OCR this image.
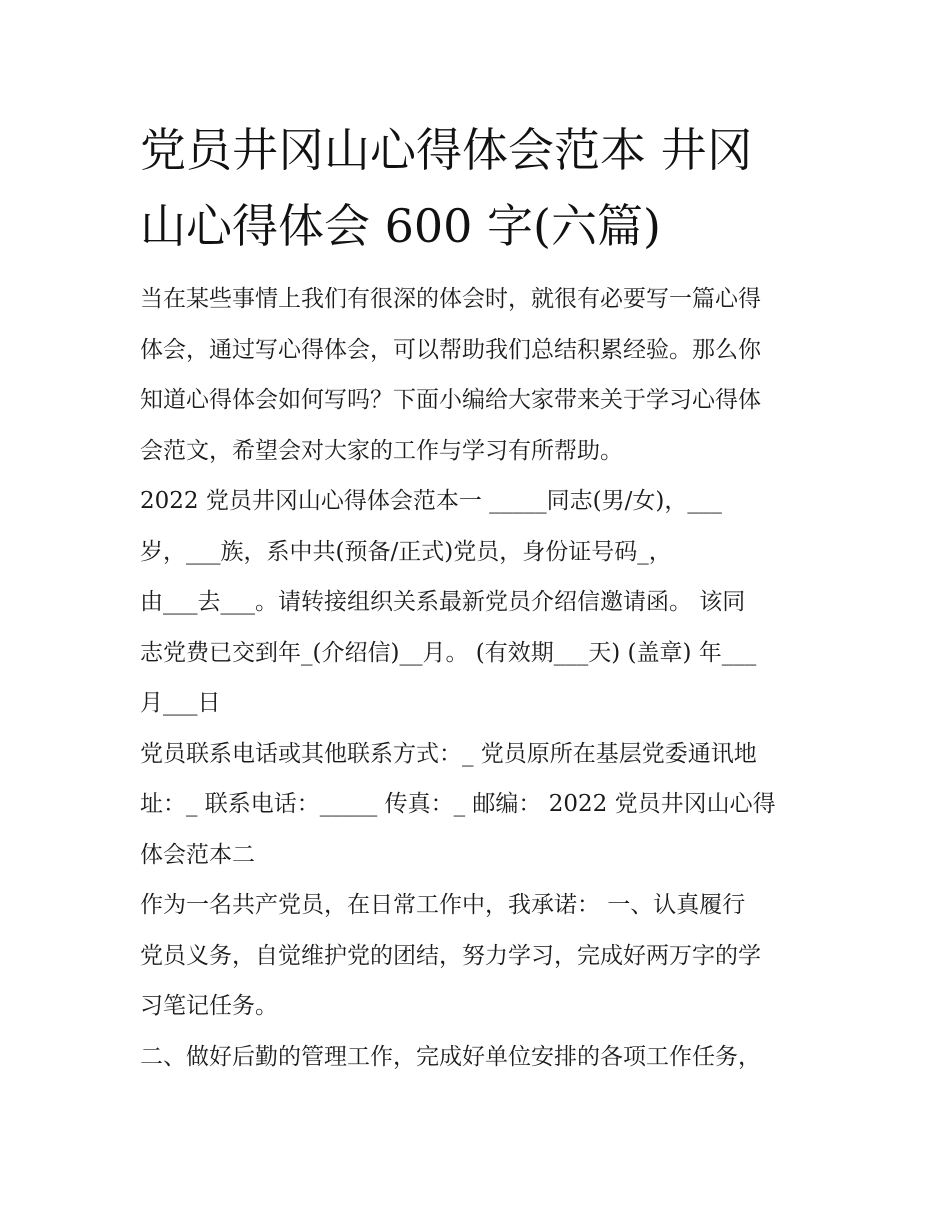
党员井冈山心得体会范本 井冈
山心得体会 600 字(六篇)
当在某些事情上我们有很深的体会时，就很有必要写一篇心得
体会，通过写心得体会，可以帮助我们总结积累经验。那么你
知道心得体会如何写吗？下面小编给大家带来关于学习心得体
会范文，希望会对大家的工作与学习有所帮助。
2022 党员井冈山心得体会范本一 _____同志(男/女)，___
岁，___族，系中共(预备/正式)党员，身份证号码_，
由___去___。请转接组织关系最新党员介绍信邀请函。 该同
志党费已交到年_(介绍信)__月。 (有效期___天) (盖章) 年___
月___日
党员联系电话或其他联系方式：_ 党员原所在基层党委通讯地
址：_ 联系电话：_____ 传真：_ 邮编： 2022 党员井冈山心得
体会范本二
作为一名共产党员，在日常工作中，我承诺： 一、认真履行
党员义务，自觉维护党的团结，努力学习，完成好两万字的学
习笔记任务。
二、做好后勤的管理工作，完成好单位安排的各项工作任务，
